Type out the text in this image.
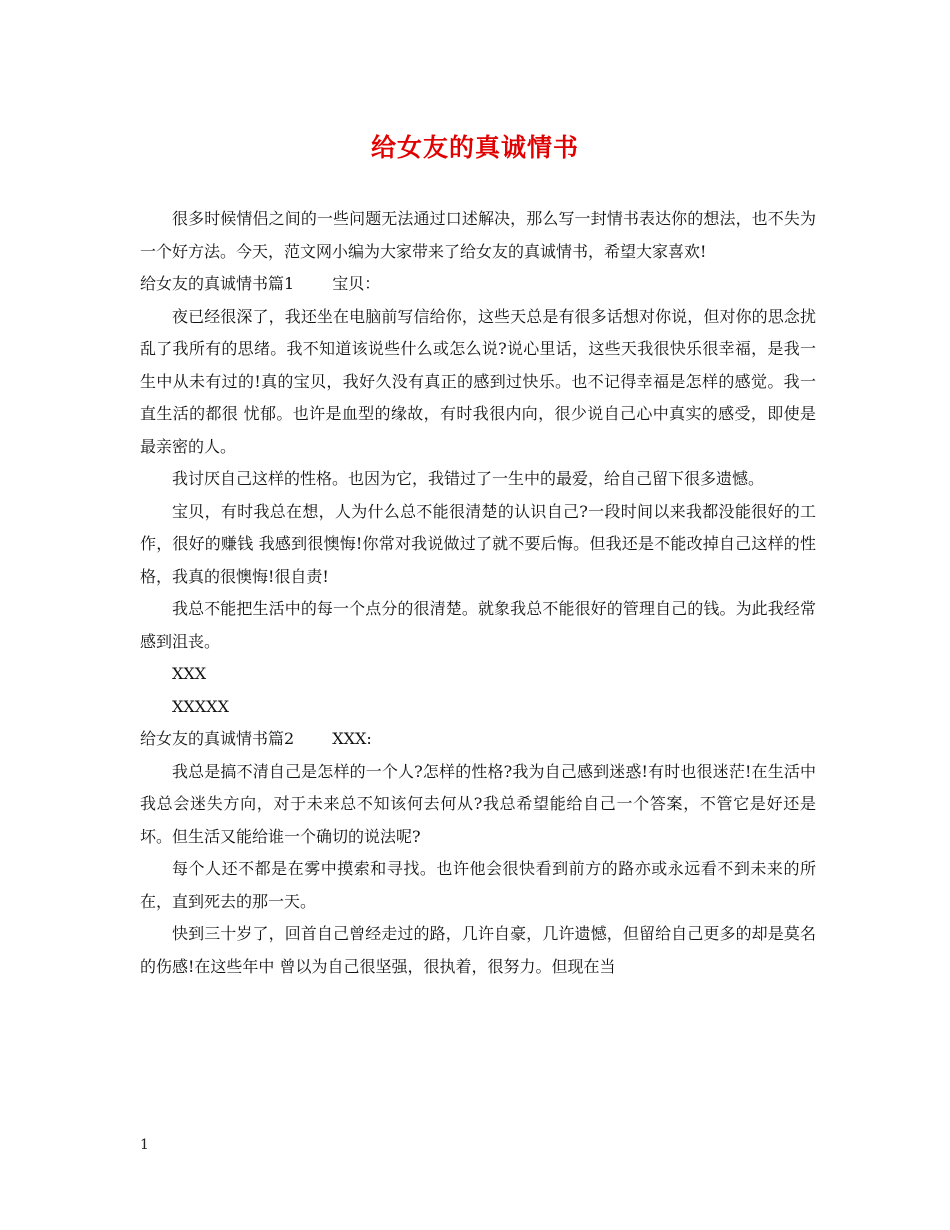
给女友的真诚情书

很多时候情侣之间的一些问题无法通过口述解决，那么写一封情书表达你的想法，也不失为一个好方法。今天，范文网小编为大家带来了给女友的真诚情书，希望大家喜欢!

给女友的真诚情书篇1 宝贝：

夜已经很深了，我还坐在电脑前写信给你，这些天总是有很多话想对你说，但对你的思念扰乱了我所有的思绪。我不知道该说些什么或怎么说?说心里话，这些天我很快乐很幸福，是我一生中从未有过的!真的宝贝，我好久没有真正的感到过快乐。也不记得幸福是怎样的感觉。我一直生活的都很 忧郁。也许是血型的缘故，有时我很内向，很少说自己心中真实的感受，即使是最亲密的人。

我讨厌自己这样的性格。也因为它，我错过了一生中的最爱，给自己留下很多遗憾。

宝贝，有时我总在想，人为什么总不能很清楚的认识自己?一段时间以来我都没能很好的工作，很好的赚钱 我感到很懊悔!你常对我说做过了就不要后悔。但我还是不能改掉自己这样的性格，我真的很懊悔!很自责!

我总不能把生活中的每一个点分的很清楚。就象我总不能很好的管理自己的钱。为此我经常感到沮丧。

XXX

XXXXX

给女友的真诚情书篇2 XXX:

我总是搞不清自己是怎样的一个人?怎样的性格?我为自己感到迷惑!有时也很迷茫!在生活中我总会迷失方向，对于未来总不知该何去何从?我总希望能给自己一个答案，不管它是好还是坏。但生活又能给谁一个确切的说法呢?

每个人还不都是在雾中摸索和寻找。也许他会很快看到前方的路亦或永远看不到未来的所在，直到死去的那一天。

快到三十岁了，回首自己曾经走过的路，几许自豪，几许遗憾，但留给自己更多的却是莫名的伤感!在这些年中 曾以为自己很坚强，很执着，很努力。但现在当

1
